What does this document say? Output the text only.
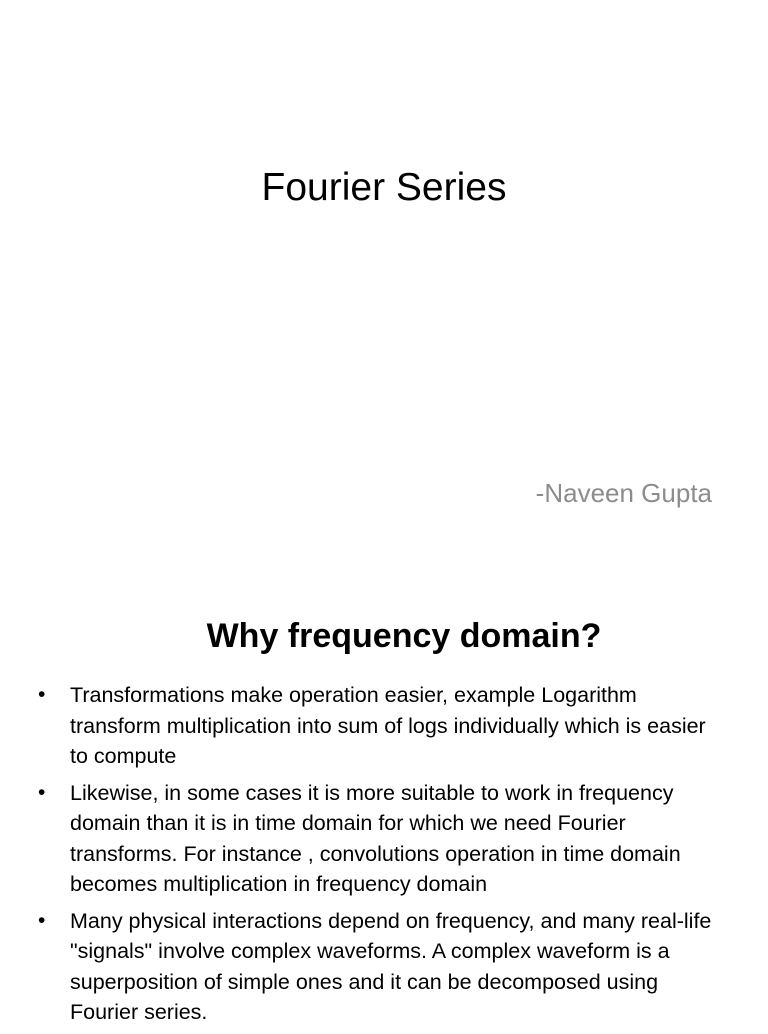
Fourier Series

-Naveen Gupta

Why frequency domain?
• Transformations make operation easier, example Logarithm transform multiplication into sum of logs individually which is easier to compute
• Likewise, in some cases it is more suitable to work in frequency domain than it is in time domain for which we need Fourier transforms. For instance , convolutions operation in time domain becomes multiplication in frequency domain
• Many physical interactions depend on frequency, and many real-life "signals" involve complex waveforms. A complex waveform is a superposition of simple ones and it can be decomposed using Fourier series.
